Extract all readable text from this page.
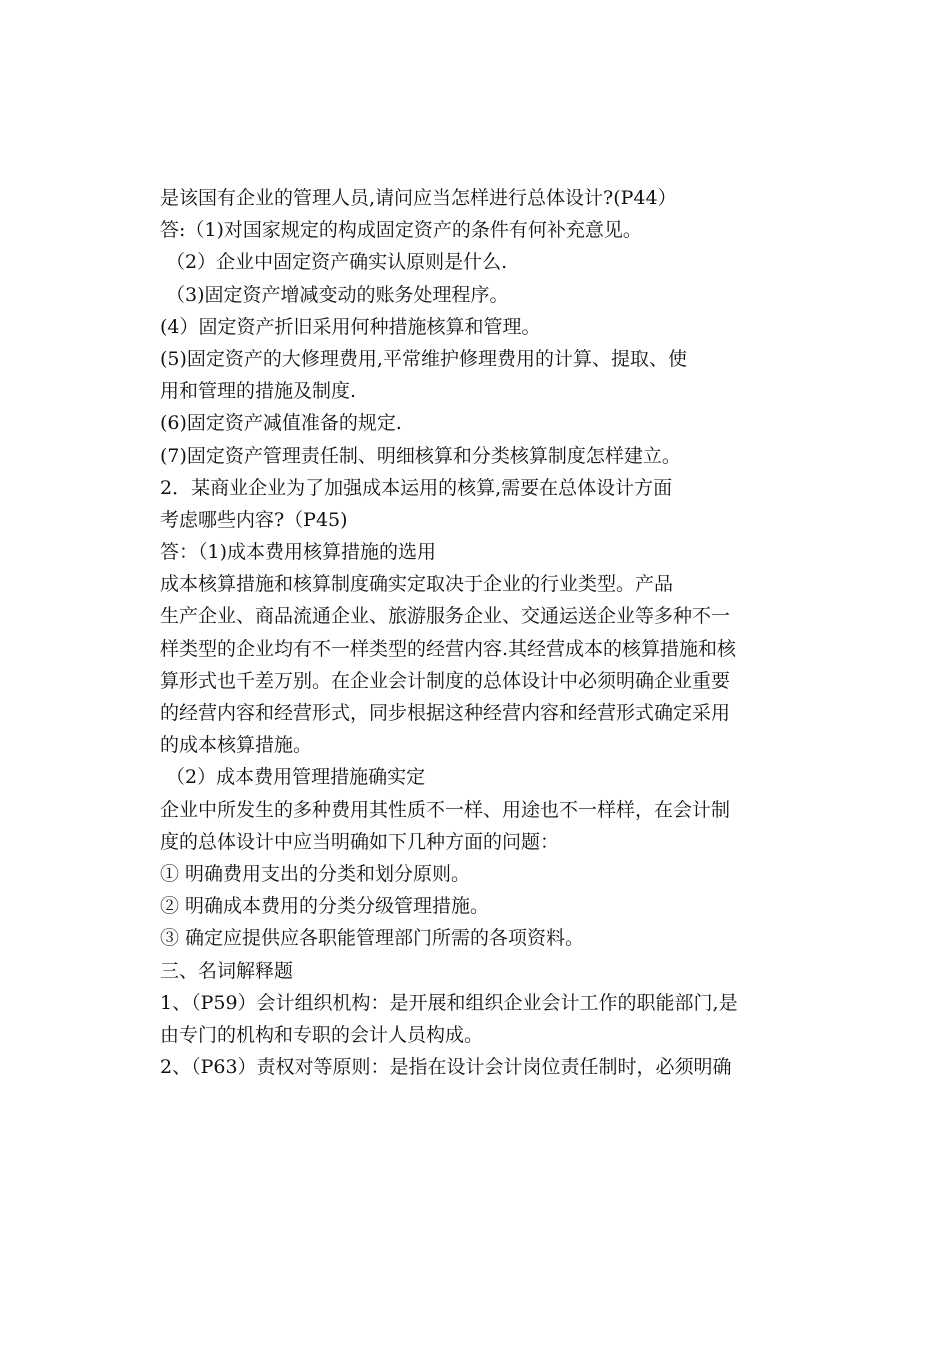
是该国有企业的管理人员,请问应当怎样进行总体设计?(P44）
答:（1)对国家规定的构成固定资产的条件有何补充意见。
（2）企业中固定资产确实认原则是什么.
（3)固定资产增减变动的账务处理程序。
(4）固定资产折旧采用何种措施核算和管理。
(5)固定资产的大修理费用,平常维护修理费用的计算、提取、使
用和管理的措施及制度.
(6)固定资产减值准备的规定.
(7)固定资产管理责任制、明细核算和分类核算制度怎样建立。
2．某商业企业为了加强成本运用的核算,需要在总体设计方面
考虑哪些内容?（P45)
答：（1)成本费用核算措施的选用
成本核算措施和核算制度确实定取决于企业的行业类型。产品
生产企业、商品流通企业、旅游服务企业、交通运送企业等多种不一
样类型的企业均有不一样类型的经营内容.其经营成本的核算措施和核
算形式也千差万别。在企业会计制度的总体设计中必须明确企业重要
的经营内容和经营形式，同步根据这种经营内容和经营形式确定采用
的成本核算措施。
（2）成本费用管理措施确实定
企业中所发生的多种费用其性质不一样、用途也不一样样，在会计制
度的总体设计中应当明确如下几种方面的问题：
① 明确费用支出的分类和划分原则。
② 明确成本费用的分类分级管理措施。
③ 确定应提供应各职能管理部门所需的各项资料。
三、名词解释题
1、（P59）会计组织机构：是开展和组织企业会计工作的职能部门,是
由专门的机构和专职的会计人员构成。
2、（P63）责权对等原则：是指在设计会计岗位责任制时，必须明确
